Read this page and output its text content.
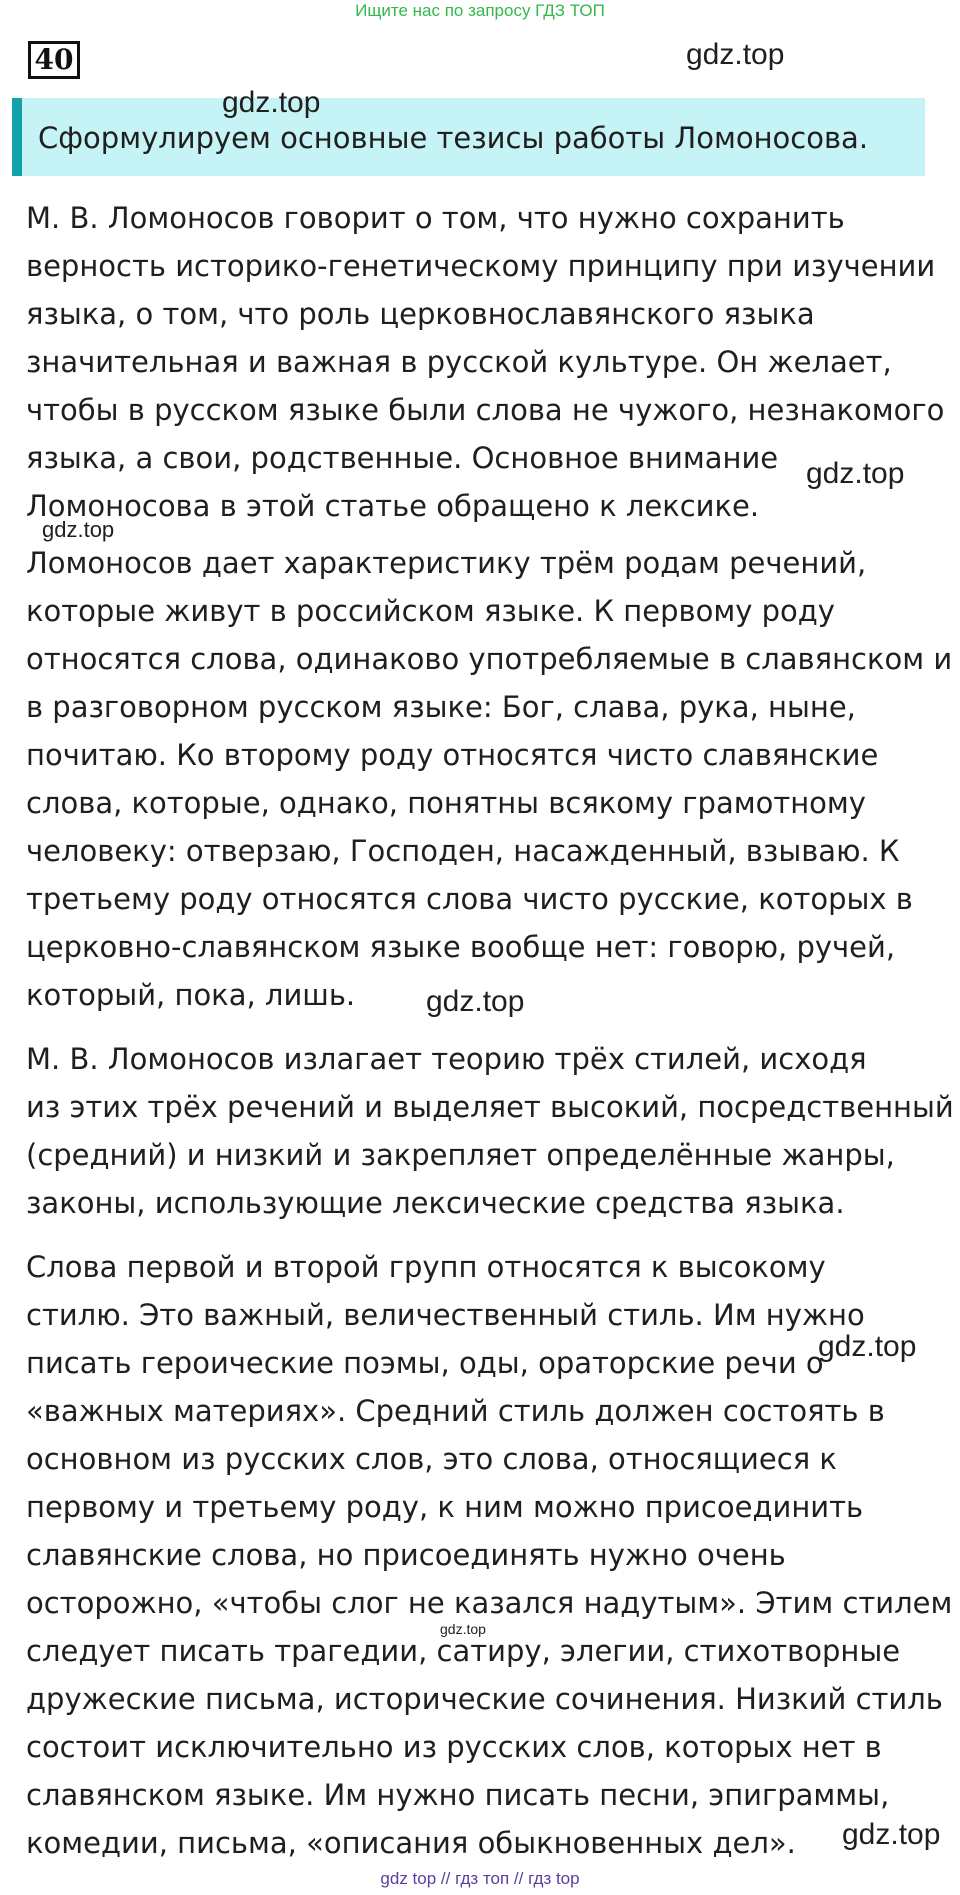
Ищите нас по запросу ГДЗ ТОП
40
Сформулируем основные тезисы работы Ломоносова.

М. В. Ломоносов говорит о том, что нужно сохранить
верность историко-генетическому принципу при изучении
языка, о том, что роль церковнославянского языка
значительная и важная в русской культуре. Он желает,
чтобы в русском языке были слова не чужого, незнакомого
языка, а свои, родственные. Основное внимание
Ломоносова в этой статье обращено к лексике.

Ломоносов дает характеристику трём родам речений,
которые живут в российском языке. К первому роду
относятся слова, одинаково употребляемые в славянском и
в разговорном русском языке: Бог, слава, рука, ныне,
почитаю. Ко второму роду относятся чисто славянские
слова, которые, однако, понятны всякому грамотному
человеку: отверзаю, Господен, насажденный, взываю. К
третьему роду относятся слова чисто русские, которых в
церковно-славянском языке вообще нет: говорю, ручей,
который, пока, лишь.

М. В. Ломоносов излагает теорию трёх стилей, исходя
из этих трёх речений и выделяет высокий, посредственный
(средний) и низкий и закрепляет определённые жанры,
законы, использующие лексические средства языка.

Слова первой и второй групп относятся к высокому
стилю. Это важный, величественный стиль. Им нужно
писать героические поэмы, оды, ораторские речи о
«важных материях». Средний стиль должен состоять в
основном из русских слов, это слова, относящиеся к
первому и третьему роду, к ним можно присоединить
славянские слова, но присоединять нужно очень
осторожно, «чтобы слог не казался надутым». Этим стилем
следует писать трагедии, сатиру, элегии, стихотворные
дружеские письма, исторические сочинения. Низкий стиль
состоит исключительно из русских слов, которых нет в
славянском языке. Им нужно писать песни, эпиграммы,
комедии, письма, «описания обыкновенных дел».

gdz.top
gdz.top
gdz.top
gdz.top
gdz.top
gdz.top
gdz.top
gdz.top
gdz top // гдз топ // гдз top
